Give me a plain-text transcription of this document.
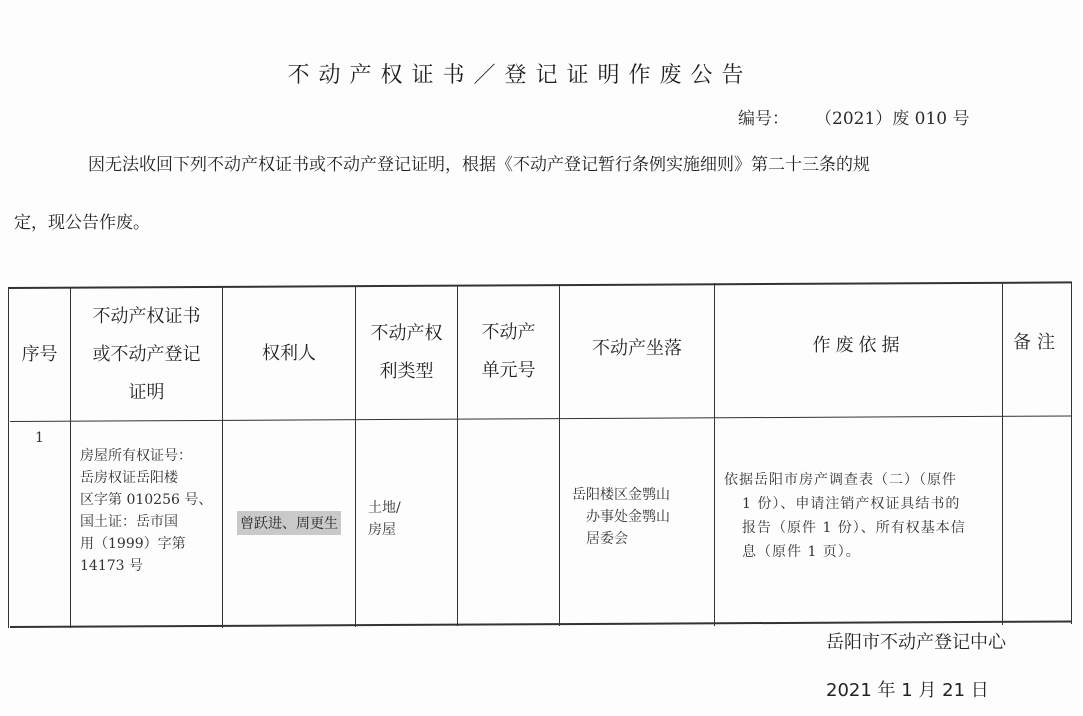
不动产权证书／登记证明作废公告
编号： （2021）废 010 号
因无法收回下列不动产权证书或不动产登记证明，根据《不动产登记暂行条例实施细则》第二十三条的规
定，现公告作废。
序号
不动产权证书
或不动产登记
证明
权利人
不动产权
利类型
不动产
单元号
不动产坐落	作废依据	备注
1
房屋所有权证号：
岳房权证岳阳楼
区字第 010256 号、
国土证：岳市国
用（1999）字第
14173 号
曾跃进、周更生
土地/
房屋
岳阳楼区金鹗山
办事处金鹗山
居委会
依据岳阳市房产调查表（二）（原件
1 份）、申请注销产权证具结书的
报告（原件 1 份）、所有权基本信
息（原件 1 页）。
岳阳市不动产登记中心
2021 年 1 月 21 日
